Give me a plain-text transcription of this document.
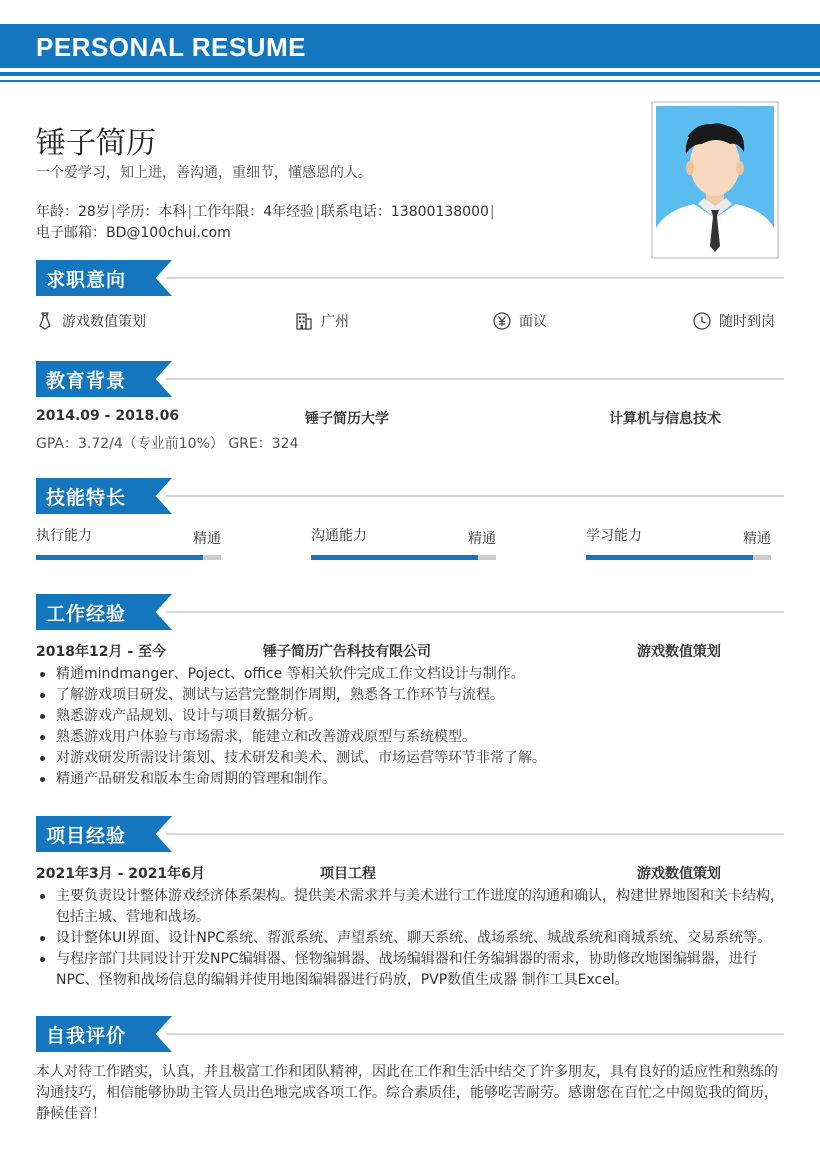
PERSONAL RESUME
锤子简历
一个爱学习，知上进，善沟通，重细节，懂感恩的人。
年龄：28岁|学历：本科|工作年限：4年经验|联系电话：13800138000|
电子邮箱：BD@100chui.com
求职意向
游戏数值策划	广州	面议	随时到岗
教育背景
2014.09 - 2018.06	锤子简历大学	计算机与信息技术
GPA：3.72/4（专业前10%） GRE：324
技能特长
执行能力	精通	沟通能力	精通	学习能力	精通
工作经验
2018年12月 - 至今	锤子简历广告科技有限公司	游戏数值策划
精通mindmanger、Poject、office 等相关软件完成工作文档设计与制作。
了解游戏项目研发、测试与运营完整制作周期，熟悉各工作环节与流程。
熟悉游戏产品规划、设计与项目数据分析。
熟悉游戏用户体验与市场需求，能建立和改善游戏原型与系统模型。
对游戏研发所需设计策划、技术研发和美术、测试、市场运营等环节非常了解。
精通产品研发和版本生命周期的管理和制作。
项目经验
2021年3月 - 2021年6月	项目工程	游戏数值策划
主要负责设计整体游戏经济体系架构。提供美术需求并与美术进行工作进度的沟通和确认，构建世界地图和关卡结构，包括主城、营地和战场。
设计整体UI界面、设计NPC系统、帮派系统、声望系统、聊天系统、战场系统、城战系统和商城系统、交易系统等。
与程序部门共同设计开发NPC编辑器、怪物编辑器、战场编辑器和任务编辑器的需求，协助修改地图编辑器，进行NPC、怪物和战场信息的编辑并使用地图编辑器进行码放，PVP数值生成器 制作工具Excel。
自我评价
本人对待工作踏实，认真，并且极富工作和团队精神，因此在工作和生活中结交了许多朋友，具有良好的适应性和熟练的沟通技巧，相信能够协助主管人员出色地完成各项工作。综合素质佳，能够吃苦耐劳。感谢您在百忙之中阅览我的简历，静候佳音！
